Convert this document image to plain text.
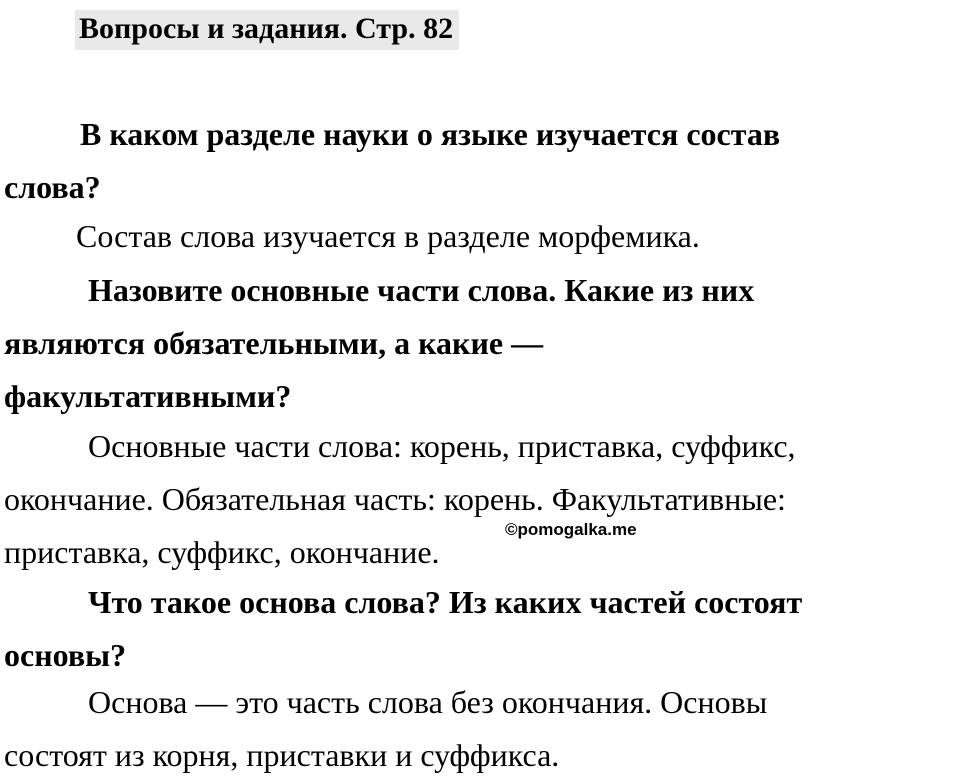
Вопросы и задания. Стр. 82

В каком разделе науки о языке изучается состав
слова?

Состав слова изучается в разделе морфемика.

Назовите основные части слова. Какие из них
являются обязательными, а какие —
факультативными?

Основные части слова: корень, приставка, суффикс,
окончание. Обязательная часть: корень. Факультативные:
приставка, суффикс, окончание.

Что такое основа слова? Из каких частей состоят
основы?

Основа — это часть слова без окончания. Основы
состоят из корня, приставки и суффикса.

©pomogalka.me
